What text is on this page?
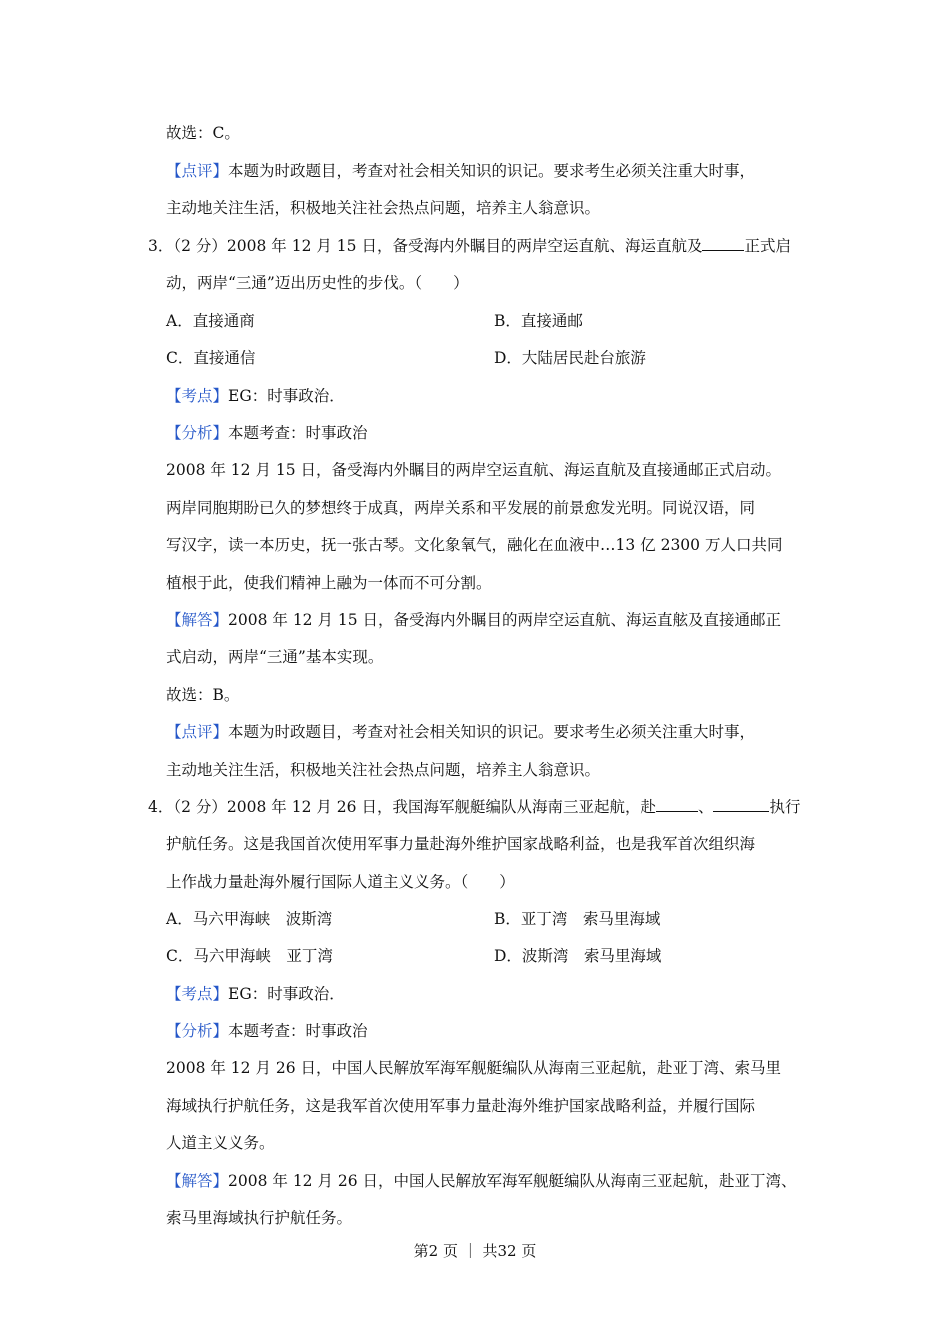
故选：C。
【点评】本题为时政题目，考查对社会相关知识的识记。要求考生必须关注重大时事，
主动地关注生活，积极地关注社会热点问题，培养主人翁意识。
3．（2 分）2008 年 12 月 15 日，备受海内外瞩目的两岸空运直航、海运直航及	正式启
动，两岸“三通”迈出历史性的步伐。（　　）
A．直接通商	B．直接通邮
C．直接通信	D．大陆居民赴台旅游
【考点】EG：时事政治．
【分析】本题考查：时事政治
2008 年 12 月 15 日，备受海内外瞩目的两岸空运直航、海运直航及直接通邮正式启动。
两岸同胞期盼已久的梦想终于成真，两岸关系和平发展的前景愈发光明。同说汉语，同
写汉字，读一本历史，抚一张古琴。文化象氧气，融化在血液中…13 亿 2300 万人口共同
植根于此，使我们精神上融为一体而不可分割。
【解答】2008 年 12 月 15 日，备受海内外瞩目的两岸空运直航、海运直舷及直接通邮正
式启动，两岸“三通”基本实现。
故选：B。
【点评】本题为时政题目，考查对社会相关知识的识记。要求考生必须关注重大时事，
主动地关注生活，积极地关注社会热点问题，培养主人翁意识。
4．（2 分）2008 年 12 月 26 日，我国海军舰艇编队从海南三亚起航，赴	、	执行
护航任务。这是我国首次使用军事力量赴海外维护国家战略利益，也是我军首次组织海
上作战力量赴海外履行国际人道主义义务。（　　）
A．马六甲海峡　波斯湾	B．亚丁湾　索马里海域
C．马六甲海峡　亚丁湾	D．波斯湾　索马里海域
【考点】EG：时事政治．
【分析】本题考查：时事政治
2008 年 12 月 26 日，中国人民解放军海军舰艇编队从海南三亚起航，赴亚丁湾、索马里
海域执行护航任务，这是我军首次使用军事力量赴海外维护国家战略利益，并履行国际
人道主义义务。
【解答】2008 年 12 月 26 日，中国人民解放军海军舰艇编队从海南三亚起航，赴亚丁湾、
索马里海域执行护航任务。
第2 页 ｜ 共32 页
